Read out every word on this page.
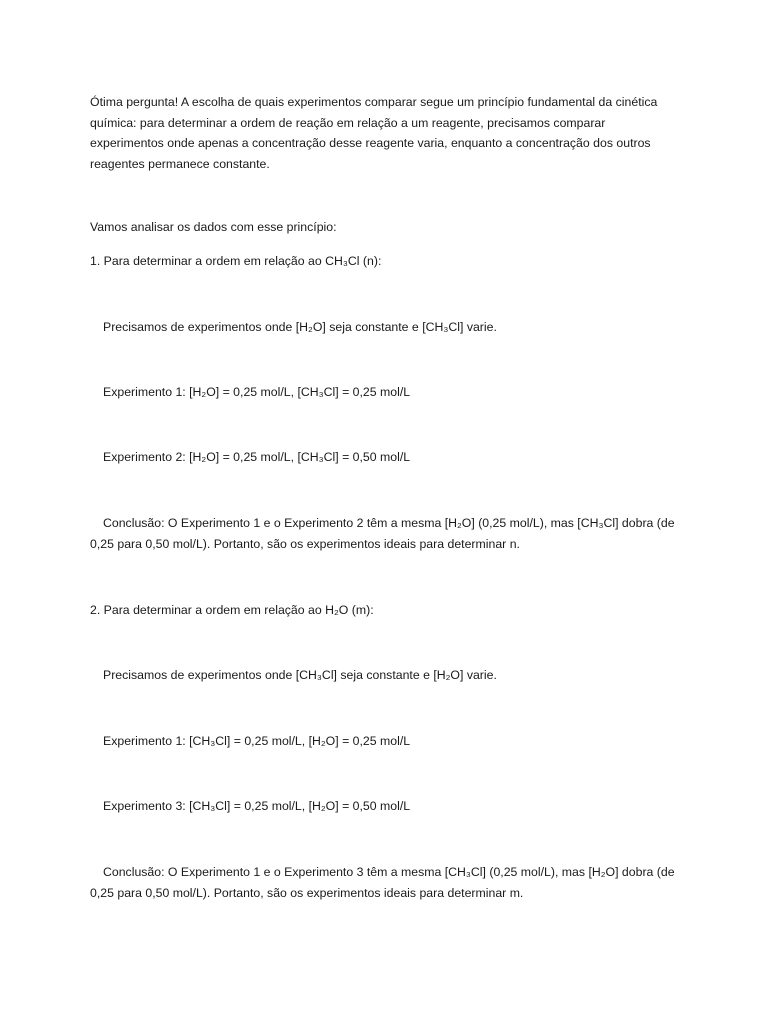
Ótima pergunta! A escolha de quais experimentos comparar segue um princípio fundamental da cinética química: para determinar a ordem de reação em relação a um reagente, precisamos comparar experimentos onde apenas a concentração desse reagente varia, enquanto a concentração dos outros reagentes permanece constante.

Vamos analisar os dados com esse princípio:

1. Para determinar a ordem em relação ao CH₃Cl (n):

Precisamos de experimentos onde [H₂O] seja constante e [CH₃Cl] varie.

Experimento 1: [H₂O] = 0,25 mol/L, [CH₃Cl] = 0,25 mol/L

Experimento 2: [H₂O] = 0,25 mol/L, [CH₃Cl] = 0,50 mol/L

Conclusão: O Experimento 1 e o Experimento 2 têm a mesma [H₂O] (0,25 mol/L), mas [CH₃Cl] dobra (de 0,25 para 0,50 mol/L). Portanto, são os experimentos ideais para determinar n.

2. Para determinar a ordem em relação ao H₂O (m):

Precisamos de experimentos onde [CH₃Cl] seja constante e [H₂O] varie.

Experimento 1: [CH₃Cl] = 0,25 mol/L, [H₂O] = 0,25 mol/L

Experimento 3: [CH₃Cl] = 0,25 mol/L, [H₂O] = 0,50 mol/L

Conclusão: O Experimento 1 e o Experimento 3 têm a mesma [CH₃Cl] (0,25 mol/L), mas [H₂O] dobra (de 0,25 para 0,50 mol/L). Portanto, são os experimentos ideais para determinar m.
